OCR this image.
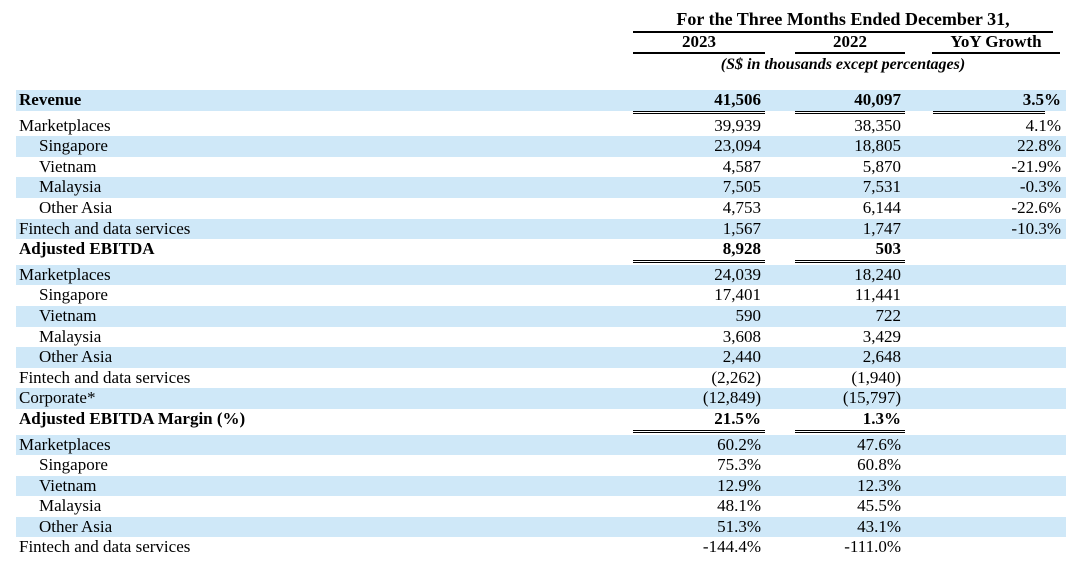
For the Three Months Ended December 31,
2023	2022	YoY Growth
(S$ in thousands except percentages)
Revenue	41,506	40,097	3.5%
Marketplaces	39,939	38,350	4.1%
Singapore	23,094	18,805	22.8%
Vietnam	4,587	5,870	-21.9%
Malaysia	7,505	7,531	-0.3%
Other Asia	4,753	6,144	-22.6%
Fintech and data services	1,567	1,747	-10.3%
Adjusted EBITDA	8,928	503
Marketplaces	24,039	18,240
Singapore	17,401	11,441
Vietnam	590	722
Malaysia	3,608	3,429
Other Asia	2,440	2,648
Fintech and data services	(2,262)	(1,940)
Corporate*	(12,849)	(15,797)
Adjusted EBITDA Margin (%)	21.5%	1.3%
Marketplaces	60.2%	47.6%
Singapore	75.3%	60.8%
Vietnam	12.9%	12.3%
Malaysia	48.1%	45.5%
Other Asia	51.3%	43.1%
Fintech and data services	-144.4%	-111.0%
